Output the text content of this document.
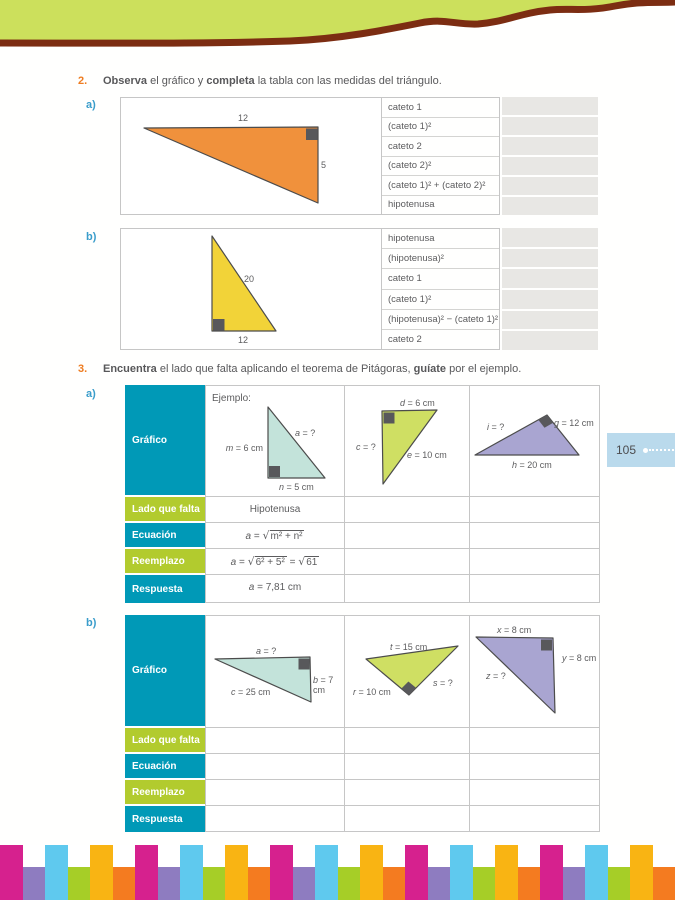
2. Observa el gráfico y completa la tabla con las medidas del triángulo.
a)
12
5
cateto 1
(cateto 1)²
cateto 2
(cateto 2)²
(cateto 1)² + (cateto 2)²
hipotenusa
b)
20
12
hipotenusa
(hipotenusa)²
cateto 1
(cateto 1)²
(hipotenusa)² − (cateto 1)²
cateto 2
3. Encuentra el lado que falta aplicando el teorema de Pitágoras, guíate por el ejemplo.
a)
Gráfico
Ejemplo:
m = 6 cm
a = ?
n = 5 cm
d = 6 cm
c = ?
e = 10 cm
i = ?	g = 12 cm
h = 20 cm
Lado que falta	Hipotenusa
Ecuación	a = √m² + n²
Reemplazo	a = √6² + 5² = √61
Respuesta	a = 7,81 cm
b)
Gráfico
a = ?
b = 7 cm
c = 25 cm
t = 15 cm
r = 10 cm
s = ?
x = 8 cm
y = 8 cm
z = ?
Lado que falta
Ecuación
Reemplazo
Respuesta
105
